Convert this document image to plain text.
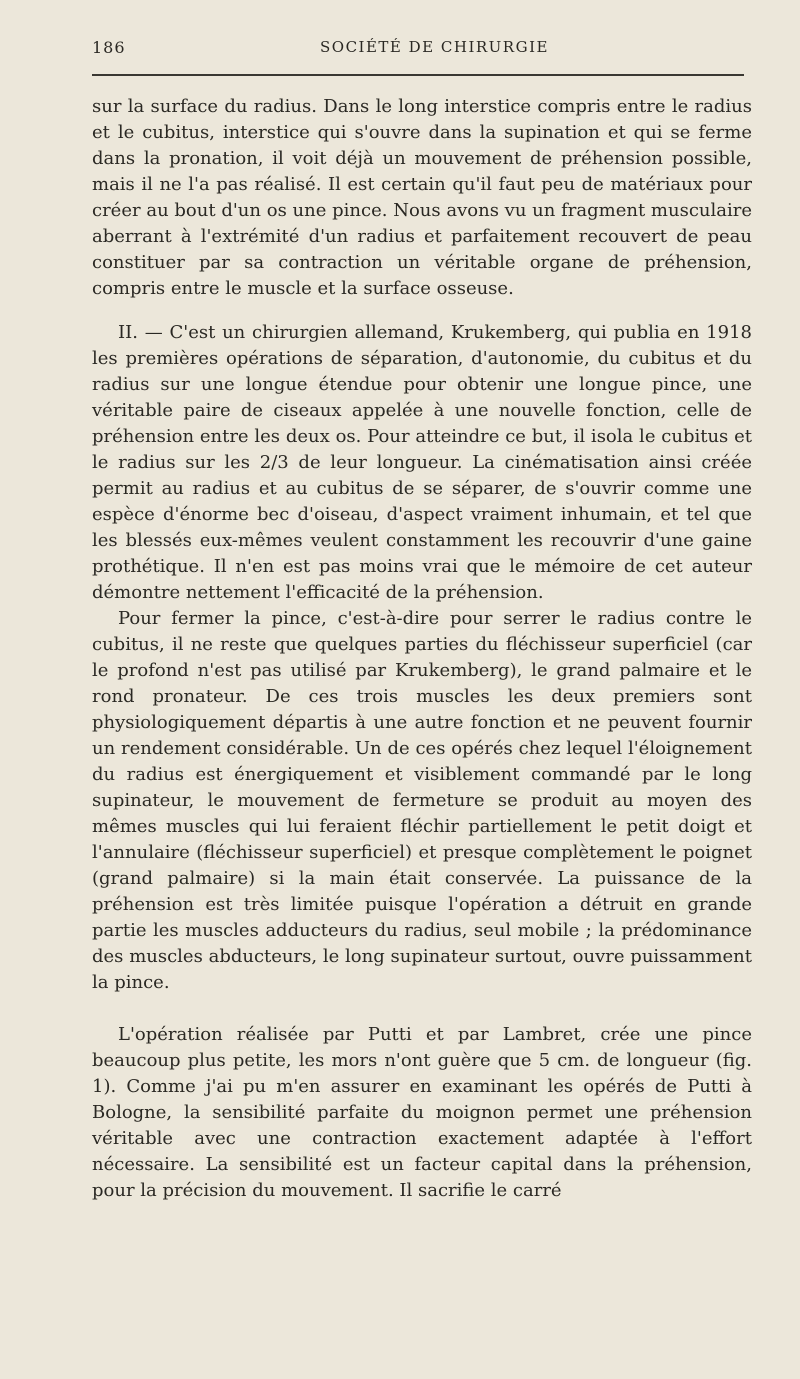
186	SOCIÉTÉ DE CHIRURGIE

sur la surface du radius. Dans le long interstice compris entre le radius et le cubitus, interstice qui s'ouvre dans la supination et qui se ferme dans la pronation, il voit déjà un mouvement de préhension possible, mais il ne l'a pas réalisé. Il est certain qu'il faut peu de matériaux pour créer au bout d'un os une pince. Nous avons vu un fragment musculaire aberrant à l'extrémité d'un radius et parfaitement recouvert de peau constituer par sa contraction un véritable organe de préhension, compris entre le muscle et la surface osseuse.

II. — C'est un chirurgien allemand, Krukemberg, qui publia en 1918 les premières opérations de séparation, d'autonomie, du cubitus et du radius sur une longue étendue pour obtenir une longue pince, une véritable paire de ciseaux appelée à une nouvelle fonction, celle de préhension entre les deux os. Pour atteindre ce but, il isola le cubitus et le radius sur les 2/3 de leur longueur. La cinématisation ainsi créée permit au radius et au cubitus de se séparer, de s'ouvrir comme une espèce d'énorme bec d'oiseau, d'aspect vraiment inhumain, et tel que les blessés eux-mêmes veulent constamment les recouvrir d'une gaine prothétique. Il n'en est pas moins vrai que le mémoire de cet auteur démontre nettement l'efficacité de la préhension.

Pour fermer la pince, c'est-à-dire pour serrer le radius contre le cubitus, il ne reste que quelques parties du fléchisseur superficiel (car le profond n'est pas utilisé par Krukemberg), le grand palmaire et le rond pronateur. De ces trois muscles les deux premiers sont physiologiquement départis à une autre fonction et ne peuvent fournir un rendement considérable. Un de ces opérés chez lequel l'éloignement du radius est énergiquement et visiblement commandé par le long supinateur, le mouvement de fermeture se produit au moyen des mêmes muscles qui lui feraient fléchir partiellement le petit doigt et l'annulaire (fléchisseur superficiel) et presque complètement le poignet (grand palmaire) si la main était conservée. La puissance de la préhension est très limitée puisque l'opération a détruit en grande partie les muscles adducteurs du radius, seul mobile ; la prédominance des muscles abducteurs, le long supinateur surtout, ouvre puissamment la pince.

L'opération réalisée par Putti et par Lambret, crée une pince beaucoup plus petite, les mors n'ont guère que 5 cm. de longueur (fig. 1). Comme j'ai pu m'en assurer en examinant les opérés de Putti à Bologne, la sensibilité parfaite du moignon permet une préhension véritable avec une contraction exactement adaptée à l'effort nécessaire. La sensibilité est un facteur capital dans la préhension, pour la précision du mouvement. Il sacrifie le carré
